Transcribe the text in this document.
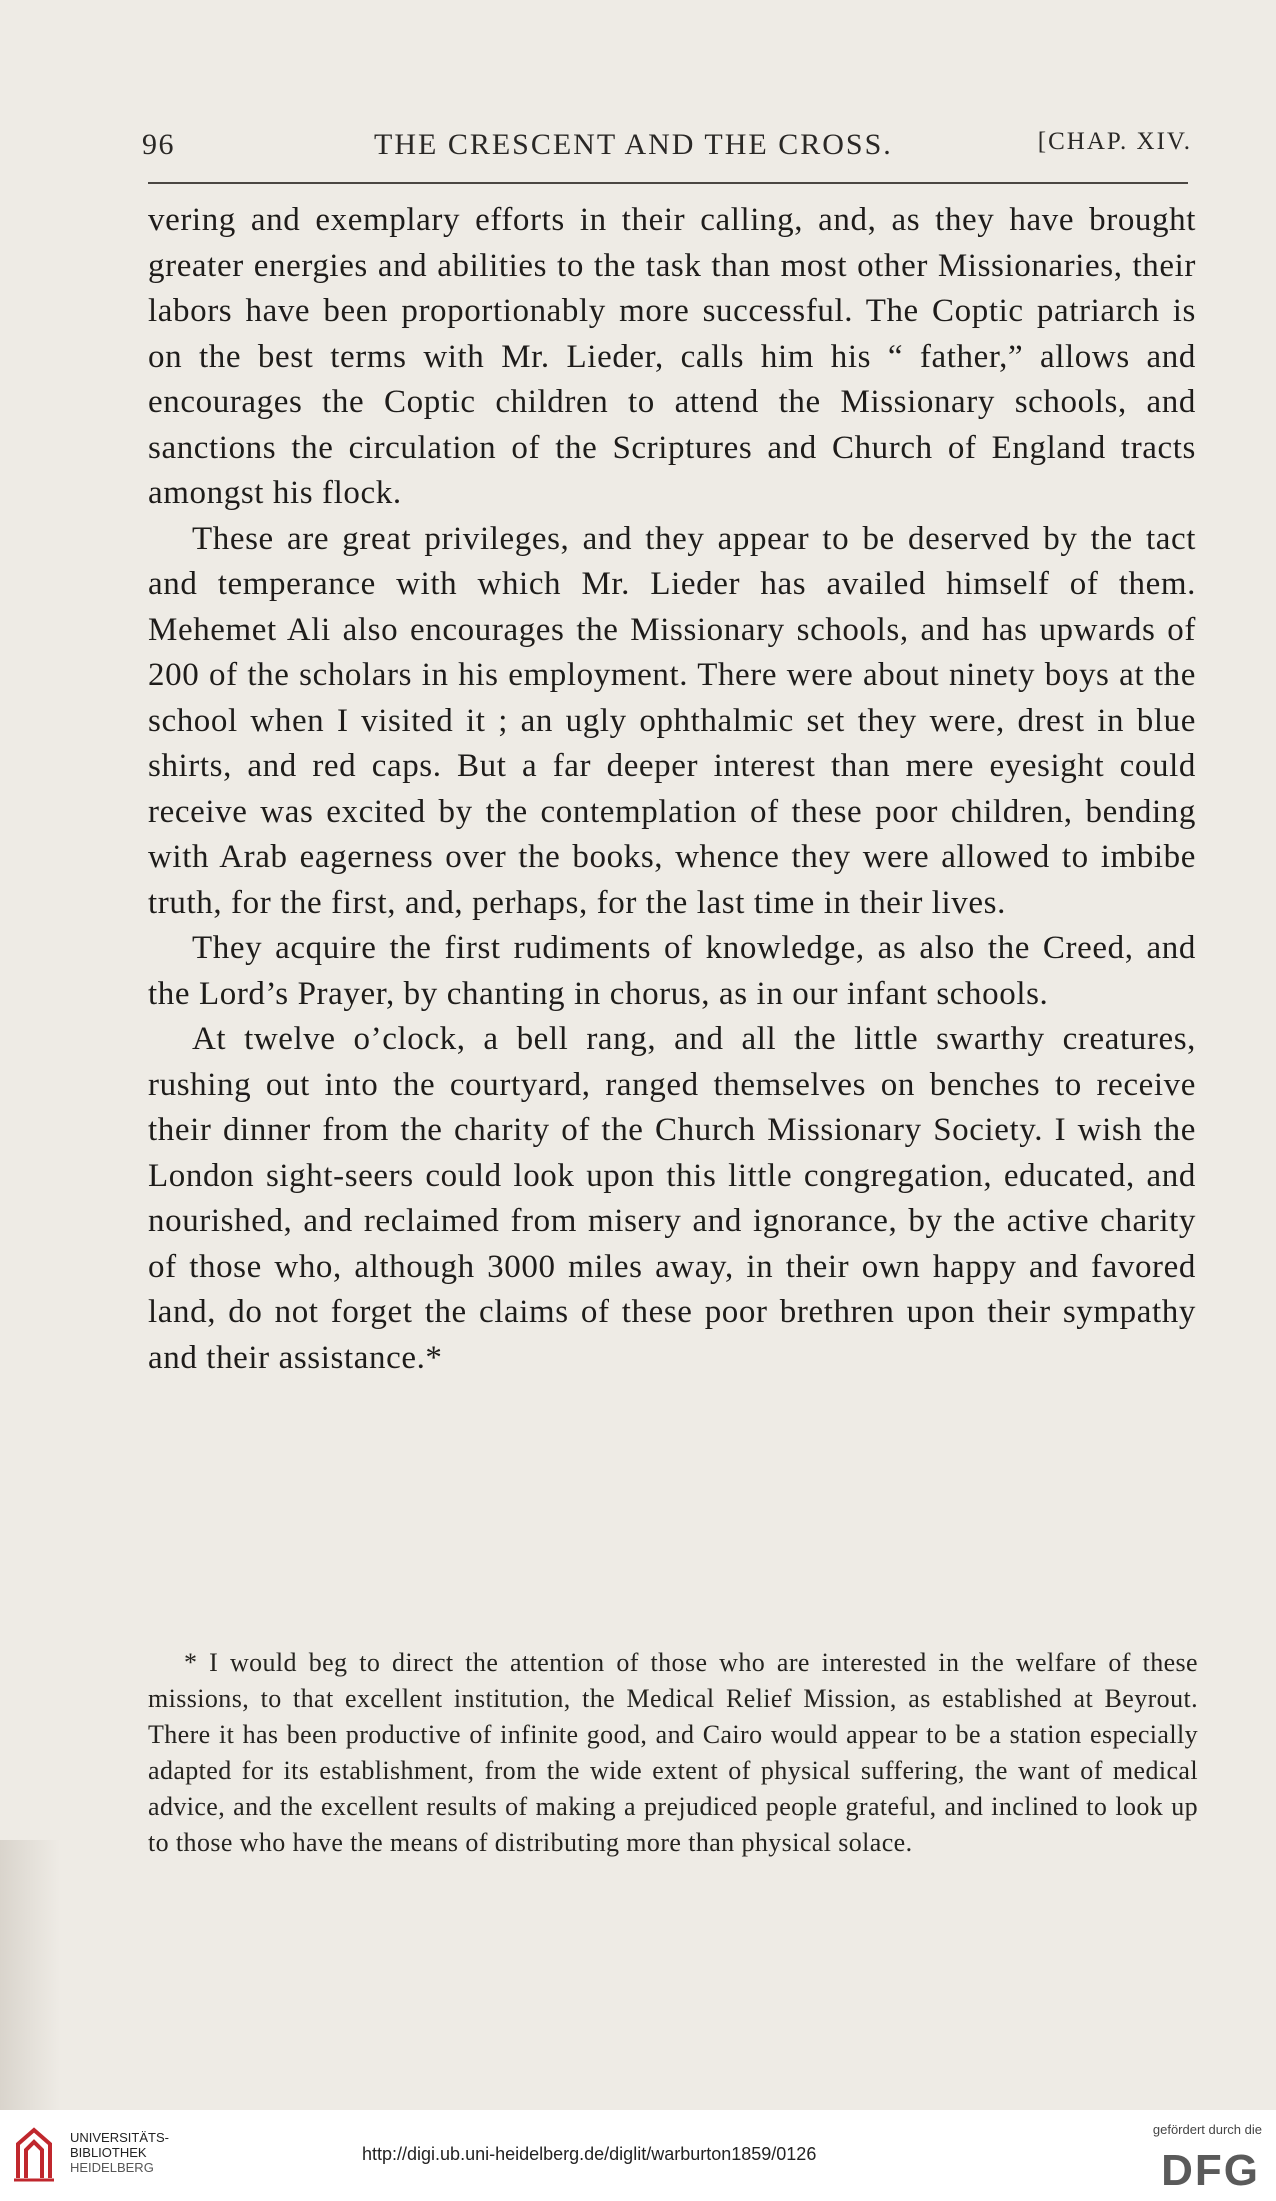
96	THE CRESCENT AND THE CROSS.	[CHAP. XIV.

vering and exemplary efforts in their calling, and, as they have brought greater energies and abilities to the task than most other Missionaries, their labors have been proportionably more successful. The Coptic patriarch is on the best terms with Mr. Lieder, calls him his “ father,” allows and encourages the Coptic children to attend the Missionary schools, and sanctions the circulation of the Scriptures and Church of England tracts amongst his flock.

These are great privileges, and they appear to be deserved by the tact and temperance with which Mr. Lieder has availed himself of them. Mehemet Ali also encourages the Missionary schools, and has upwards of 200 of the scholars in his employment. There were about ninety boys at the school when I visited it ; an ugly ophthalmic set they were, drest in blue shirts, and red caps. But a far deeper interest than mere eyesight could receive was excited by the contemplation of these poor children, bending with Arab eagerness over the books, whence they were allowed to imbibe truth, for the first, and, perhaps, for the last time in their lives.

They acquire the first rudiments of knowledge, as also the Creed, and the Lord’s Prayer, by chanting in chorus, as in our infant schools.

At twelve o’clock, a bell rang, and all the little swarthy creatures, rushing out into the courtyard, ranged themselves on benches to receive their dinner from the charity of the Church Missionary Society. I wish the London sight-seers could look upon this little congregation, educated, and nourished, and reclaimed from misery and ignorance, by the active charity of those who, although 3000 miles away, in their own happy and favored land, do not forget the claims of these poor brethren upon their sympathy and their assistance.*

* I would beg to direct the attention of those who are interested in the welfare of these missions, to that excellent institution, the Medical Relief Mission, as established at Beyrout. There it has been productive of infinite good, and Cairo would appear to be a station especially adapted for its establishment, from the wide extent of physical suffering, the want of medical advice, and the excellent results of making a prejudiced people grateful, and inclined to look up to those who have the means of distributing more than physical solace.
UNIVERSITÄTS-
BIBLIOTHEK
HEIDELBERG
http://digi.ub.uni-heidelberg.de/diglit/warburton1859/0126
gefördert durch die
DFG
